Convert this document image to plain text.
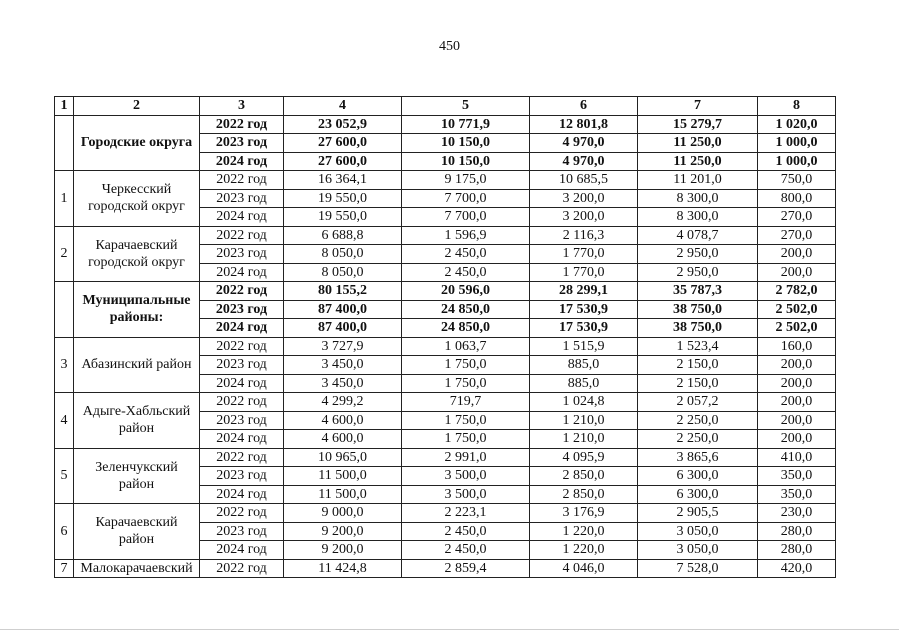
450
1	2	3	4	5	6	7	8
	Городские округа	2022 год	23 052,9	10 771,9	12 801,8	15 279,7	1 020,0
		2023 год	27 600,0	10 150,0	4 970,0	11 250,0	1 000,0
		2024 год	27 600,0	10 150,0	4 970,0	11 250,0	1 000,0
1	Черкесский городской округ	2022 год	16 364,1	9 175,0	10 685,5	11 201,0	750,0
		2023 год	19 550,0	7 700,0	3 200,0	8 300,0	800,0
		2024 год	19 550,0	7 700,0	3 200,0	8 300,0	270,0
2	Карачаевский городской округ	2022 год	6 688,8	1 596,9	2 116,3	4 078,7	270,0
		2023 год	8 050,0	2 450,0	1 770,0	2 950,0	200,0
		2024 год	8 050,0	2 450,0	1 770,0	2 950,0	200,0
	Муниципальные районы:	2022 год	80 155,2	20 596,0	28 299,1	35 787,3	2 782,0
		2023 год	87 400,0	24 850,0	17 530,9	38 750,0	2 502,0
		2024 год	87 400,0	24 850,0	17 530,9	38 750,0	2 502,0
3	Абазинский район	2022 год	3 727,9	1 063,7	1 515,9	1 523,4	160,0
		2023 год	3 450,0	1 750,0	885,0	2 150,0	200,0
		2024 год	3 450,0	1 750,0	885,0	2 150,0	200,0
4	Адыге-Хабльский район	2022 год	4 299,2	719,7	1 024,8	2 057,2	200,0
		2023 год	4 600,0	1 750,0	1 210,0	2 250,0	200,0
		2024 год	4 600,0	1 750,0	1 210,0	2 250,0	200,0
5	Зеленчукский район	2022 год	10 965,0	2 991,0	4 095,9	3 865,6	410,0
		2023 год	11 500,0	3 500,0	2 850,0	6 300,0	350,0
		2024 год	11 500,0	3 500,0	2 850,0	6 300,0	350,0
6	Карачаевский район	2022 год	9 000,0	2 223,1	3 176,9	2 905,5	230,0
		2023 год	9 200,0	2 450,0	1 220,0	3 050,0	280,0
		2024 год	9 200,0	2 450,0	1 220,0	3 050,0	280,0
7	Малокарачаевский	2022 год	11 424,8	2 859,4	4 046,0	7 528,0	420,0
